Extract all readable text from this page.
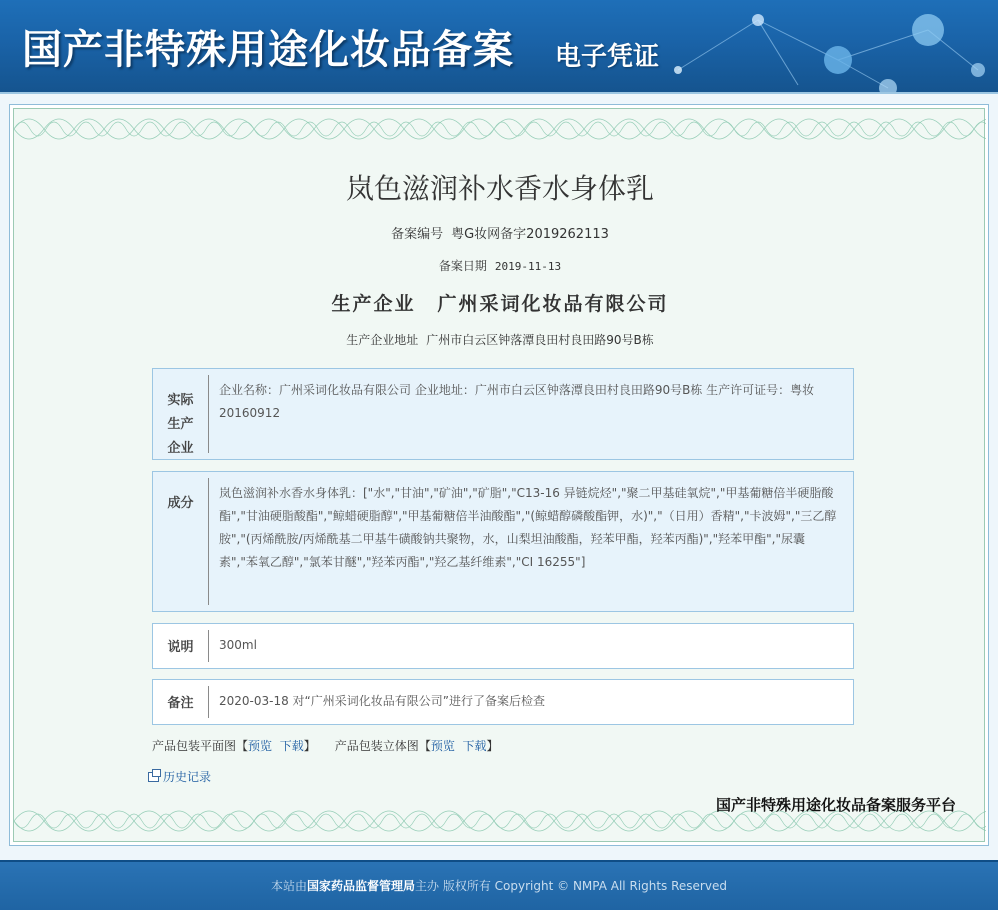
国产非特殊用途化妆品备案 电子凭证
岚色滋润补水香水身体乳
备案编号 粤G妆网备字2019262113
备案日期 2019-11-13
生产企业 广州采词化妆品有限公司
生产企业地址 广州市白云区钟落潭良田村良田路90号B栋
实际
生产
企业
企业名称：广州采词化妆品有限公司 企业地址：广州市白云区钟落潭良田村良田路90号B栋 生产许可证号：粤妆20160912
成分
岚色滋润补水香水身体乳：["水","甘油","矿油","矿脂","C13-16 异链烷烃","聚二甲基硅氧烷","甲基葡糖倍半硬脂酸酯","甘油硬脂酸酯","鲸蜡硬脂醇","甲基葡糖倍半油酸酯","(鲸蜡醇磷酸酯钾，水)","（日用）香精","卡波姆","三乙醇胺","(丙烯酰胺/丙烯酰基二甲基牛磺酸钠共聚物，水，山梨坦油酸酯，羟苯甲酯，羟苯丙酯)","羟苯甲酯","尿囊素","苯氧乙醇","氯苯甘醚","羟苯丙酯","羟乙基纤维素","CI 16255"]
说明	300ml
备注	2020-03-18 对“广州采词化妆品有限公司”进行了备案后检查
产品包装平面图【预览 下载】 产品包装立体图【预览 下载】
历史记录
国产非特殊用途化妆品备案服务平台
本站由国家药品监督管理局主办 版权所有 Copyright © NMPA All Rights Reserved
